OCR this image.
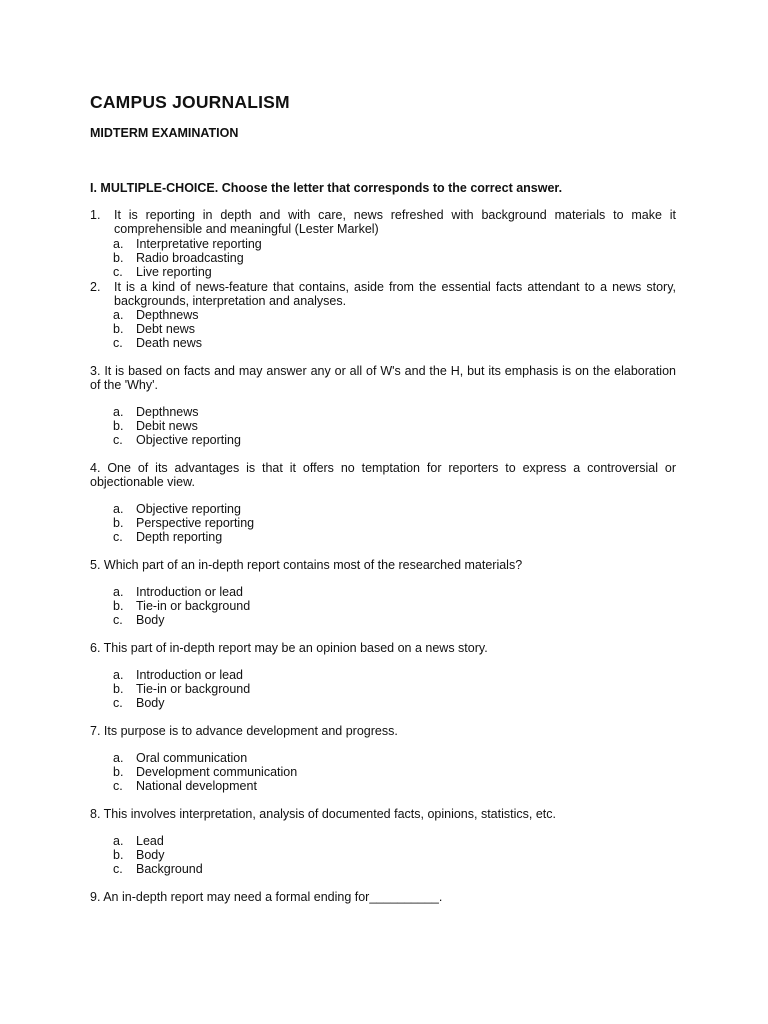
CAMPUS JOURNALISM
MIDTERM EXAMINATION
I. MULTIPLE-CHOICE. Choose the letter that corresponds to the correct answer.
1. It is reporting in depth and with care, news refreshed with background materials to make it comprehensible and meaningful (Lester Markel)
a. Interpretative reporting
b. Radio broadcasting
c. Live reporting
2. It is a kind of news-feature that contains, aside from the essential facts attendant to a news story, backgrounds, interpretation and analyses.
a. Depthnews
b. Debt news
c. Death news
3. It is based on facts and may answer any or all of W's and the H, but its emphasis is on the elaboration of the 'Why'.
a. Depthnews
b. Debit news
c. Objective reporting
4. One of its advantages is that it offers no temptation for reporters to express a controversial or objectionable view.
a. Objective reporting
b. Perspective reporting
c. Depth reporting
5. Which part of an in-depth report contains most of the researched materials?
a. Introduction or lead
b. Tie-in or background
c. Body
6. This part of in-depth report may be an opinion based on a news story.
a. Introduction or lead
b. Tie-in or background
c. Body
7. Its purpose is to advance development and progress.
a. Oral communication
b. Development communication
c. National development
8. This involves interpretation, analysis of documented facts, opinions, statistics, etc.
a. Lead
b. Body
c. Background
9. An in-depth report may need a formal ending for__________.
